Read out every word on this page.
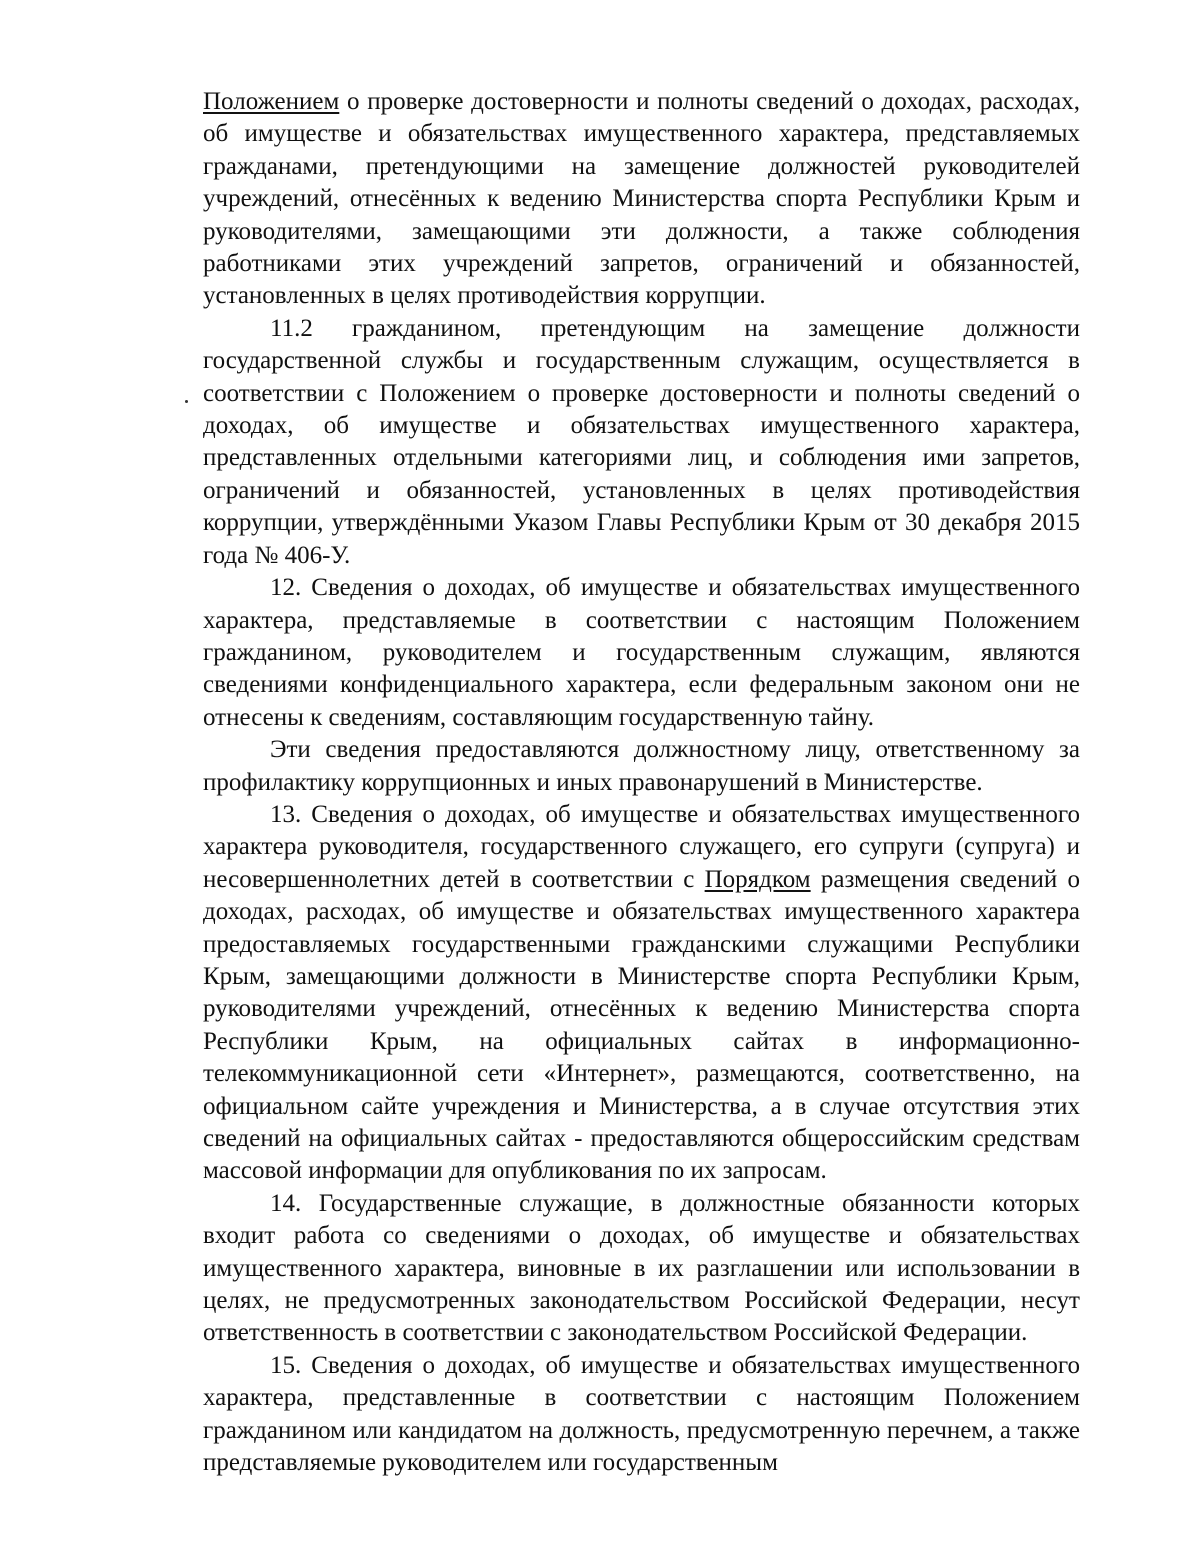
Положением о проверке достоверности и полноты сведений о доходах, расходах, об имуществе и обязательствах имущественного характера, представляемых гражданами, претендующими на замещение должностей руководителей учреждений, отнесённых к ведению Министерства спорта Республики Крым и руководителями, замещающими эти должности, а также соблюдения работниками этих учреждений запретов, ограничений и обязанностей, установленных в целях противодействия коррупции.

11.2 гражданином, претендующим на замещение должности государственной службы и государственным служащим, осуществляется в соответствии с Положением о проверке достоверности и полноты сведений о доходах, об имуществе и обязательствах имущественного характера, представленных отдельными категориями лиц, и соблюдения ими запретов, ограничений и обязанностей, установленных в целях противодействия коррупции, утверждёнными Указом Главы Республики Крым от 30 декабря 2015 года № 406-У.

12. Сведения о доходах, об имуществе и обязательствах имущественного характера, представляемые в соответствии с настоящим Положением гражданином, руководителем и государственным служащим, являются сведениями конфиденциального характера, если федеральным законом они не отнесены к сведениям, составляющим государственную тайну.

Эти сведения предоставляются должностному лицу, ответственному за профилактику коррупционных и иных правонарушений в Министерстве.

13. Сведения о доходах, об имуществе и обязательствах имущественного характера руководителя, государственного служащего, его супруги (супруга) и несовершеннолетних детей в соответствии с Порядком размещения сведений о доходах, расходах, об имуществе и обязательствах имущественного характера предоставляемых государственными гражданскими служащими Республики Крым, замещающими должности в Министерстве спорта Республики Крым, руководителями учреждений, отнесённых к ведению Министерства спорта Республики Крым, на официальных сайтах в информационно-телекоммуникационной сети «Интернет», размещаются, соответственно, на официальном сайте учреждения и Министерства, а в случае отсутствия этих сведений на официальных сайтах - предоставляются общероссийским средствам массовой информации для опубликования по их запросам.

14. Государственные служащие, в должностные обязанности которых входит работа со сведениями о доходах, об имуществе и обязательствах имущественного характера, виновные в их разглашении или использовании в целях, не предусмотренных законодательством Российской Федерации, несут ответственность в соответствии с законодательством Российской Федерации.

15. Сведения о доходах, об имуществе и обязательствах имущественного характера, представленные в соответствии с настоящим Положением гражданином или кандидатом на должность, предусмотренную перечнем, а также представляемые руководителем или государственным
